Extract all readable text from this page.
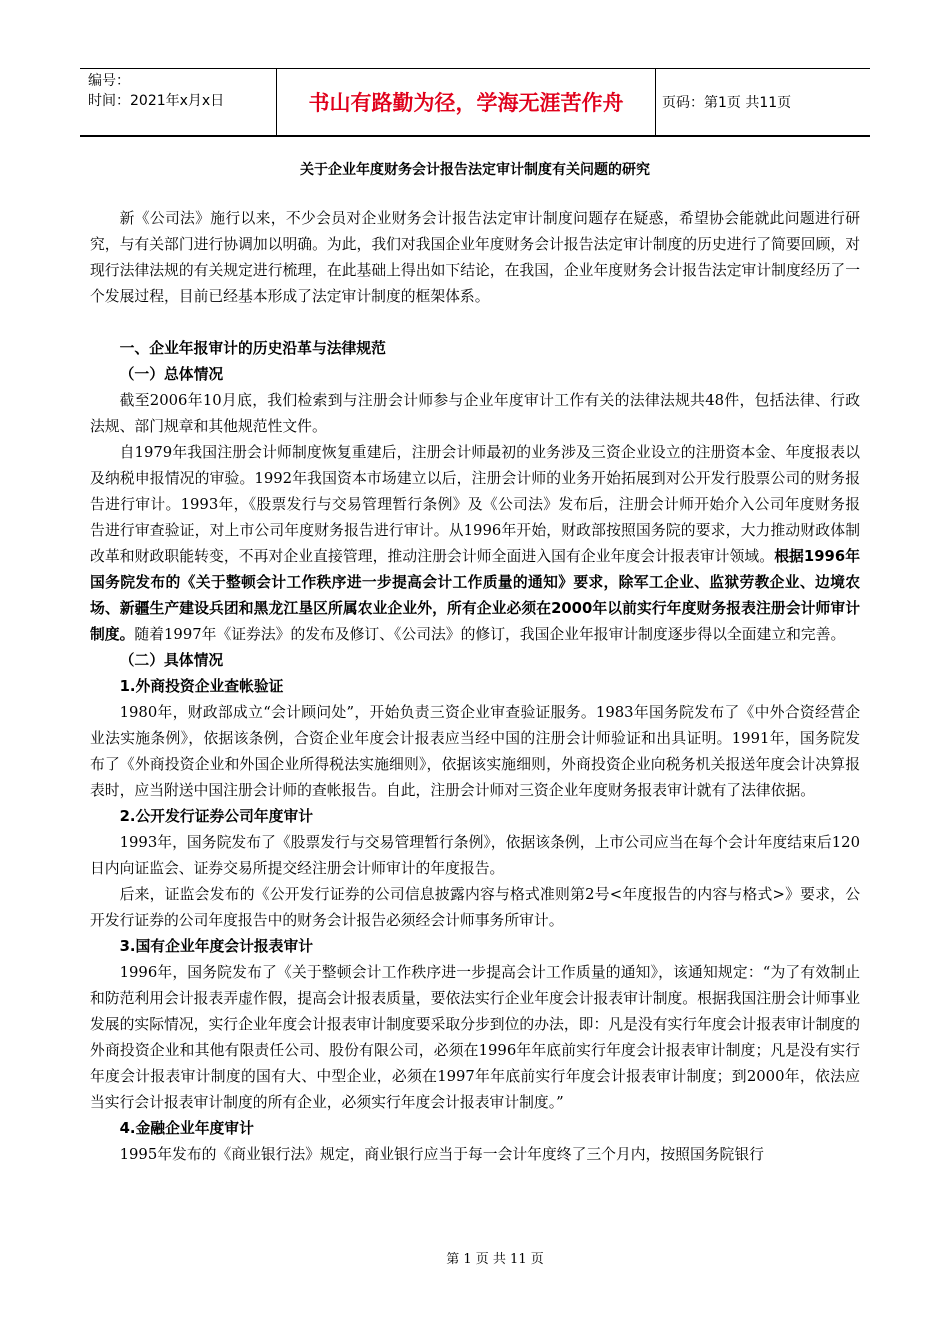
编号：
时间：2021年x月x日	书山有路勤为径，学海无涯苦作舟	页码：第1页 共11页
关于企业年度财务会计报告法定审计制度有关问题的研究

新《公司法》施行以来，不少会员对企业财务会计报告法定审计制度问题存在疑惑，希望协会能就此问题进行研究，与有关部门进行协调加以明确。为此，我们对我国企业年度财务会计报告法定审计制度的历史进行了简要回顾，对现行法律法规的有关规定进行梳理，在此基础上得出如下结论，在我国，企业年度财务会计报告法定审计制度经历了一个发展过程，目前已经基本形成了法定审计制度的框架体系。

一、企业年报审计的历史沿革与法律规范

（一）总体情况

截至2006年10月底，我们检索到与注册会计师参与企业年度审计工作有关的法律法规共48件，包括法律、行政法规、部门规章和其他规范性文件。

自1979年我国注册会计师制度恢复重建后，注册会计师最初的业务涉及三资企业设立的注册资本金、年度报表以及纳税申报情况的审验。1992年我国资本市场建立以后，注册会计师的业务开始拓展到对公开发行股票公司的财务报告进行审计。1993年，《股票发行与交易管理暂行条例》及《公司法》发布后，注册会计师开始介入公司年度财务报告进行审查验证，对上市公司年度财务报告进行审计。从1996年开始，财政部按照国务院的要求，大力推动财政体制改革和财政职能转变，不再对企业直接管理，推动注册会计师全面进入国有企业年度会计报表审计领域。根据1996年国务院发布的《关于整顿会计工作秩序进一步提高会计工作质量的通知》要求，除军工企业、监狱劳教企业、边境农场、新疆生产建设兵团和黑龙江垦区所属农业企业外，所有企业必须在2000年以前实行年度财务报表注册会计师审计制度。随着1997年《证券法》的发布及修订、《公司法》的修订，我国企业年报审计制度逐步得以全面建立和完善。

（二）具体情况

1.外商投资企业查帐验证

1980年，财政部成立“会计顾问处”，开始负责三资企业审查验证服务。1983年国务院发布了《中外合资经营企业法实施条例》，依据该条例，合资企业年度会计报表应当经中国的注册会计师验证和出具证明。1991年，国务院发布了《外商投资企业和外国企业所得税法实施细则》，依据该实施细则，外商投资企业向税务机关报送年度会计决算报表时，应当附送中国注册会计师的查帐报告。自此，注册会计师对三资企业年度财务报表审计就有了法律依据。

2.公开发行证券公司年度审计

1993年，国务院发布了《股票发行与交易管理暂行条例》，依据该条例，上市公司应当在每个会计年度结束后120日内向证监会、证券交易所提交经注册会计师审计的年度报告。

后来，证监会发布的《公开发行证券的公司信息披露内容与格式准则第2号<年度报告的内容与格式>》要求，公开发行证券的公司年度报告中的财务会计报告必须经会计师事务所审计。

3.国有企业年度会计报表审计

1996年，国务院发布了《关于整顿会计工作秩序进一步提高会计工作质量的通知》，该通知规定：“为了有效制止和防范利用会计报表弄虚作假，提高会计报表质量，要依法实行企业年度会计报表审计制度。根据我国注册会计师事业发展的实际情况，实行企业年度会计报表审计制度要采取分步到位的办法，即：凡是没有实行年度会计报表审计制度的外商投资企业和其他有限责任公司、股份有限公司，必须在1996年年底前实行年度会计报表审计制度；凡是没有实行年度会计报表审计制度的国有大、中型企业，必须在1997年年底前实行年度会计报表审计制度；到2000年，依法应当实行会计报表审计制度的所有企业，必须实行年度会计报表审计制度。”

4.金融企业年度审计

1995年发布的《商业银行法》规定，商业银行应当于每一会计年度终了三个月内，按照国务院银行

第 1 页 共 11 页
